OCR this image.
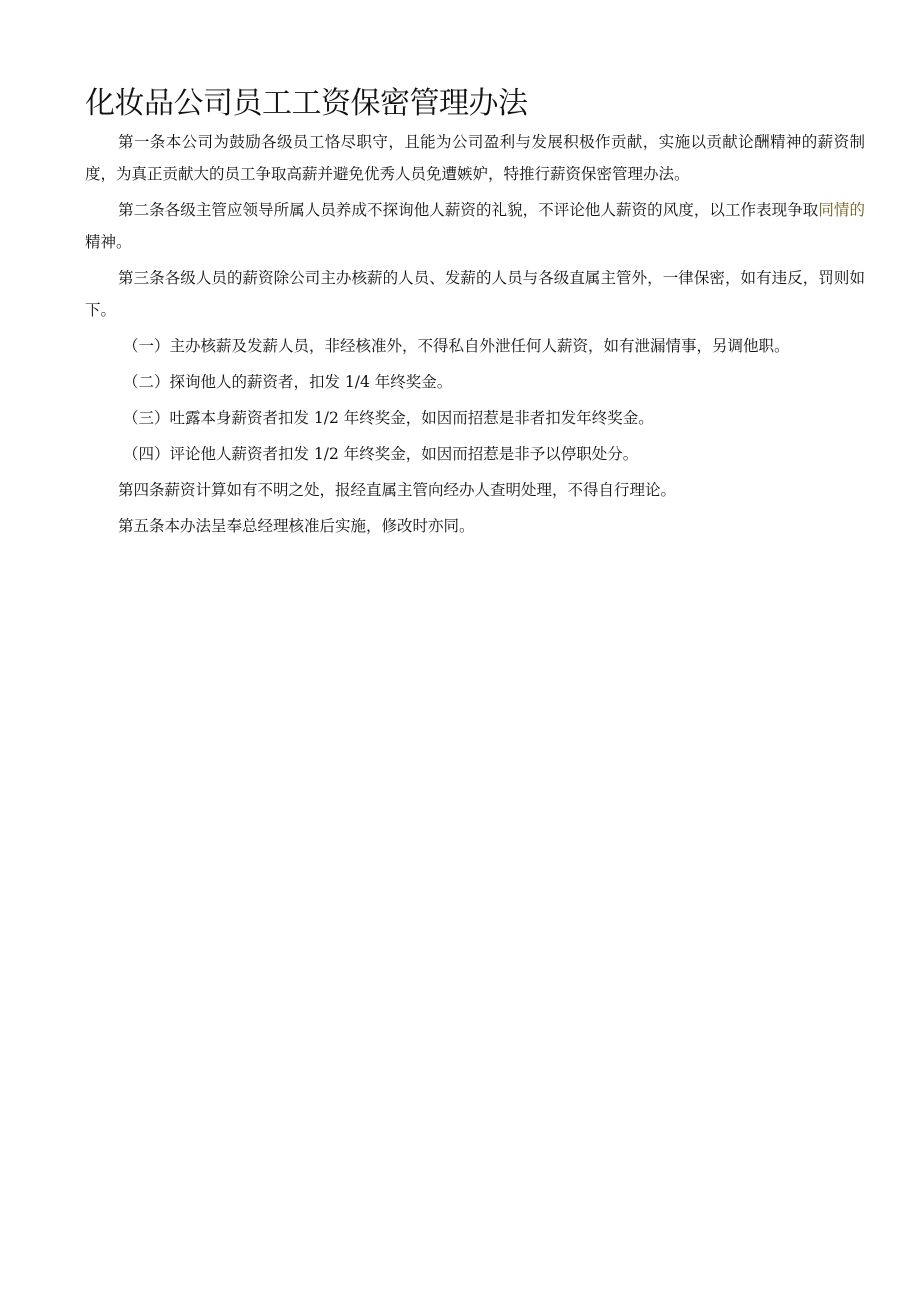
化妆品公司员工工资保密管理办法

第一条本公司为鼓励各级员工恪尽职守，且能为公司盈利与发展积极作贡献，实施以贡献论酬精神的薪资制度，为真正贡献大的员工争取高薪并避免优秀人员免遭嫉妒，特推行薪资保密管理办法。

第二条各级主管应领导所属人员养成不探询他人薪资的礼貌，不评论他人薪资的风度，以工作表现争取同情的精神。

第三条各级人员的薪资除公司主办核薪的人员、发薪的人员与各级直属主管外，一律保密，如有违反，罚则如下。

（一）主办核薪及发薪人员，非经核准外，不得私自外泄任何人薪资，如有泄漏情事，另调他职。

（二）探询他人的薪资者，扣发 1/4 年终奖金。

（三）吐露本身薪资者扣发 1/2 年终奖金，如因而招惹是非者扣发年终奖金。

（四）评论他人薪资者扣发 1/2 年终奖金，如因而招惹是非予以停职处分。

第四条薪资计算如有不明之处，报经直属主管向经办人查明处理，不得自行理论。

第五条本办法呈奉总经理核准后实施，修改时亦同。
